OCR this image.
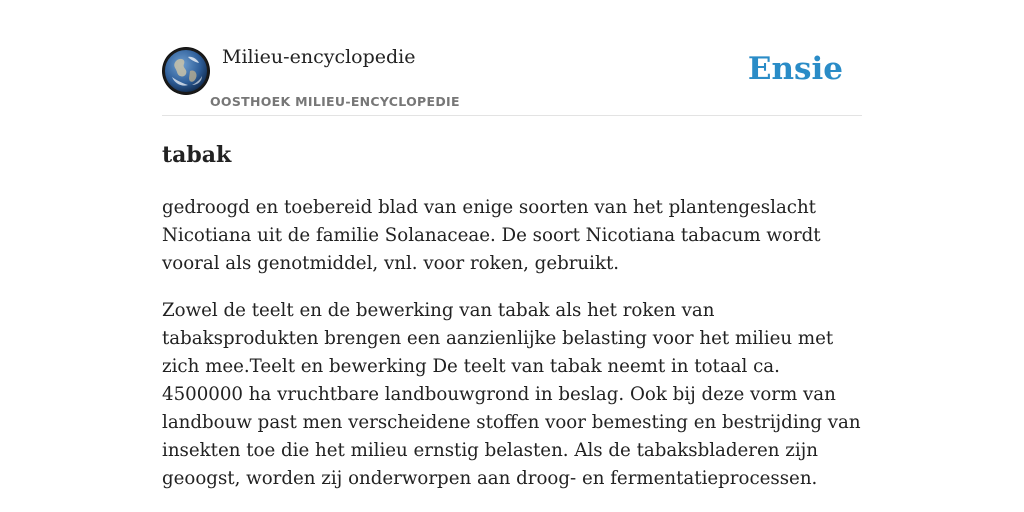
Milieu-encyclopedie
OOSTHOEK MILIEU-ENCYCLOPEDIE
Ensie
tabak

gedroogd en toebereid blad van enige soorten van het plantengeslacht Nicotiana uit de familie Solanaceae. De soort Nicotiana tabacum wordt vooral als genotmiddel, vnl. voor roken, gebruikt.

Zowel de teelt en de bewerking van tabak als het roken van tabaksprodukten brengen een aanzienlijke belasting voor het milieu met zich mee.Teelt en bewerking De teelt van tabak neemt in totaal ca. 4500000 ha vruchtbare landbouwgrond in beslag. Ook bij deze vorm van landbouw past men verscheidene stoffen voor bemesting en bestrijding van insekten toe die het milieu ernstig belasten. Als de tabaksbladeren zijn geoogst, worden zij onderworpen aan droog- en fermentatieprocessen.
